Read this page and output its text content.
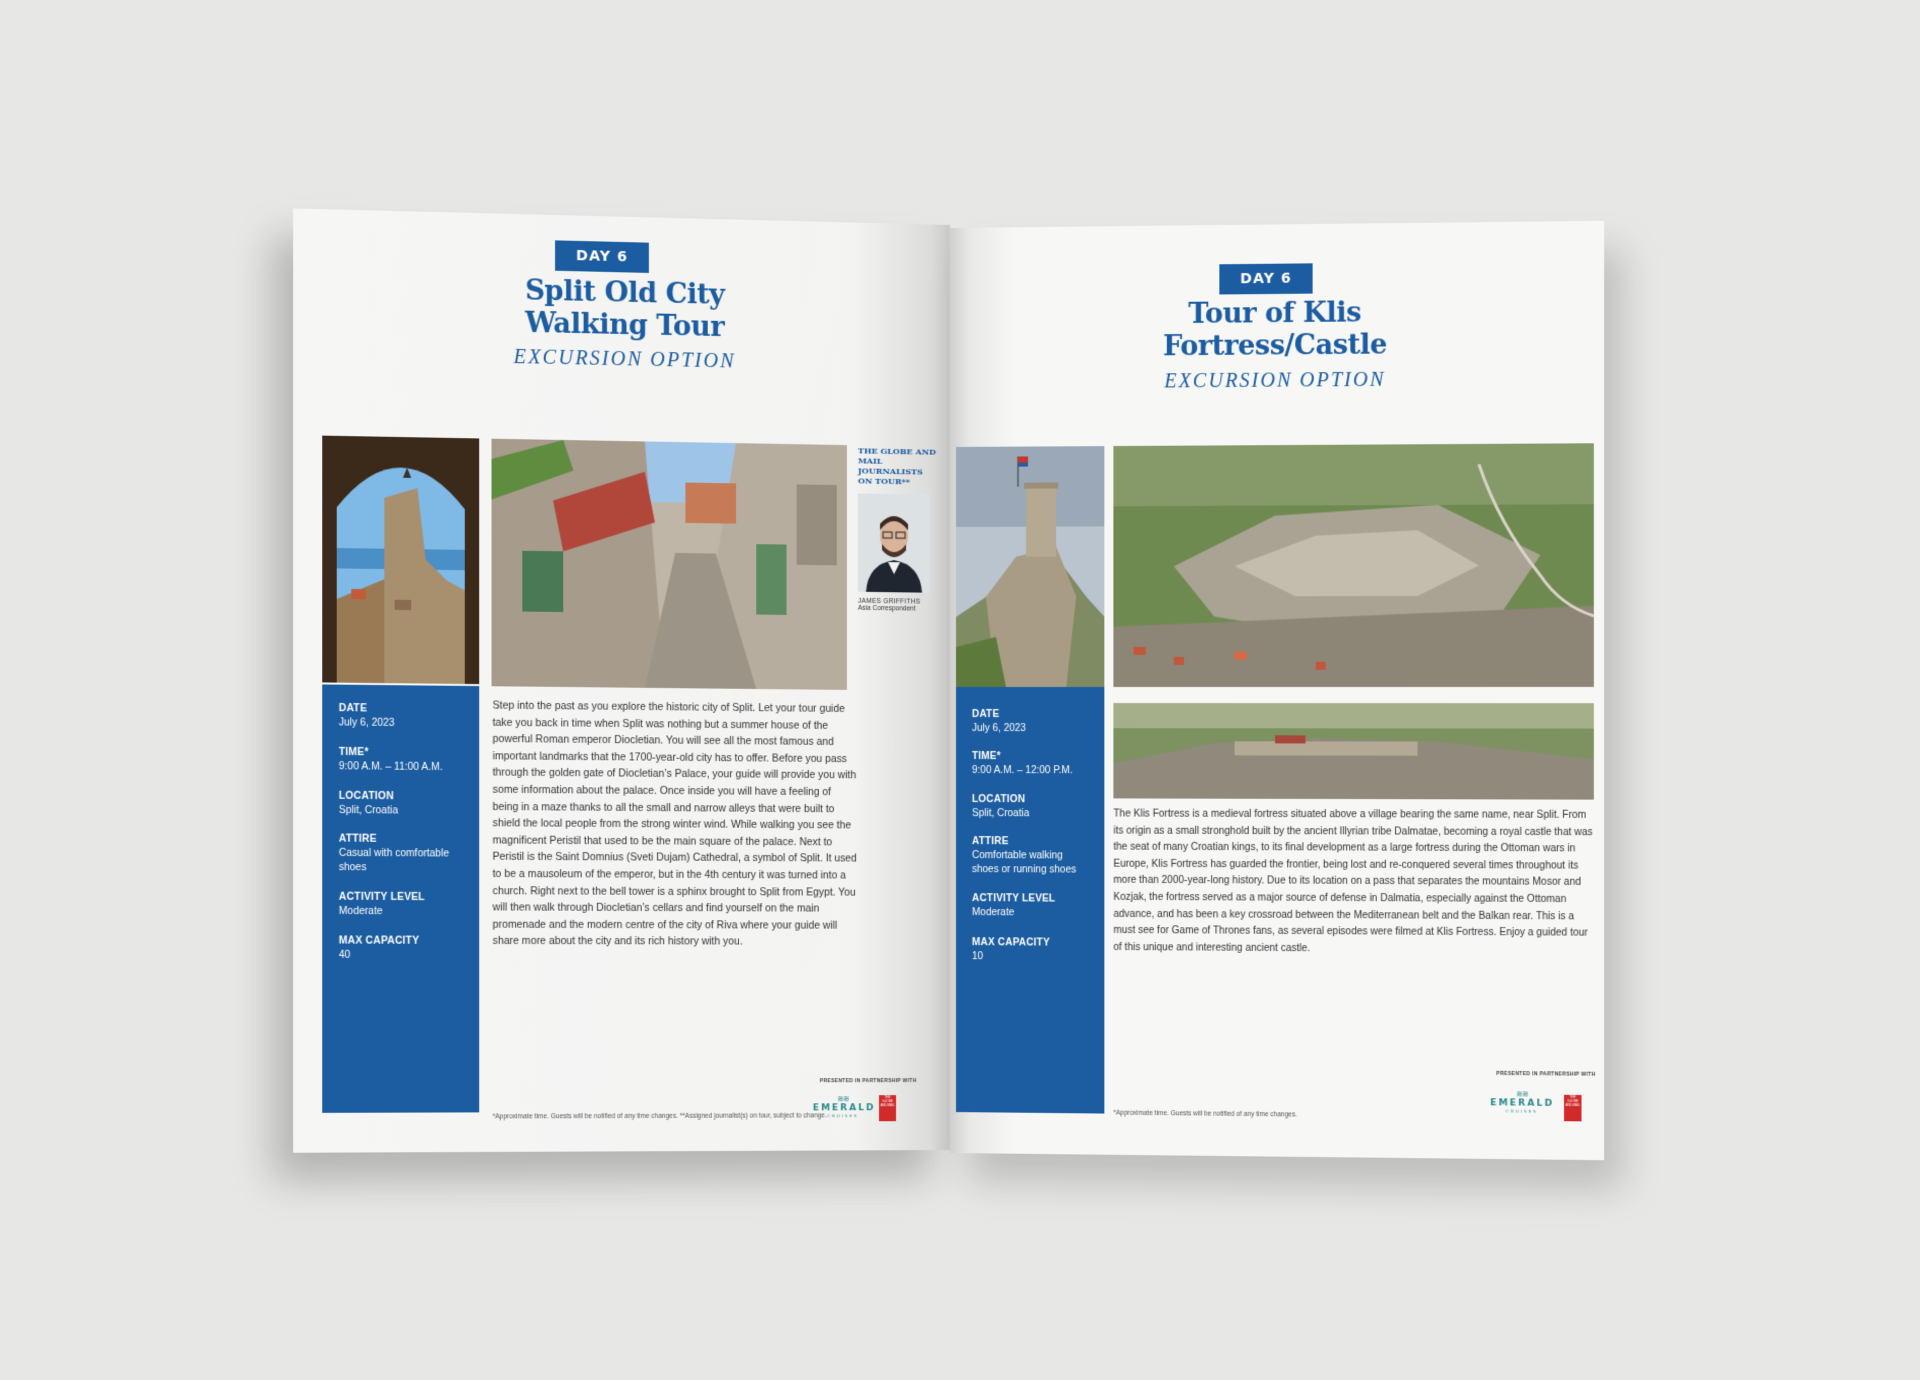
DAY 6
Split Old City
Walking Tour
EXCURSION OPTION
THE GLOBE AND MAIL JOURNALISTS ON TOUR**
JAMES GRIFFITHS
Asia Correspondent
DATE
July 6, 2023
TIME*
9:00 A.M. – 11:00 A.M.
LOCATION
Split, Croatia
ATTIRE
Casual with comfortable shoes
ACTIVITY LEVEL
Moderate
MAX CAPACITY
40
Step into the past as you explore the historic city of Split. Let your tour guide take you back in time when Split was nothing but a summer house of the powerful Roman emperor Diocletian. You will see all the most famous and important landmarks that the 1700-year-old city has to offer. Before you pass through the golden gate of Diocletian’s Palace, your guide will provide you with some information about the palace. Once inside you will have a feeling of being in a maze thanks to all the small and narrow alleys that were built to shield the local people from the strong winter wind. While walking you see the magnificent Peristil that used to be the main square of the palace. Next to Peristil is the Saint Domnius (Sveti Dujam) Cathedral, a symbol of Split. It used to be a mausoleum of the emperor, but in the 4th century it was turned into a church. Right next to the bell tower is a sphinx brought to Split from Egypt. You will then walk through Diocletian’s cellars and find yourself on the main promenade and the modern centre of the city of Riva where your guide will share more about the city and its rich history with you.
PRESENTED IN PARTNERSHIP WITH
≋≋
EMERALD
CRUISES
THE GLOBE AND MAIL
*Approximate time. Guests will be notified of any time changes. **Assigned journalist(s) on tour, subject to change.
DAY 6
Tour of Klis
Fortress/Castle
EXCURSION OPTION
DATE
July 6, 2023
TIME*
9:00 A.M. – 12:00 P.M.
LOCATION
Split, Croatia
ATTIRE
Comfortable walking shoes or running shoes
ACTIVITY LEVEL
Moderate
MAX CAPACITY
10
The Klis Fortress is a medieval fortress situated above a village bearing the same name, near Split. From its origin as a small stronghold built by the ancient Illyrian tribe Dalmatae, becoming a royal castle that was the seat of many Croatian kings, to its final development as a large fortress during the Ottoman wars in Europe, Klis Fortress has guarded the frontier, being lost and re-conquered several times throughout its more than 2000-year-long history. Due to its location on a pass that separates the mountains Mosor and Kozjak, the fortress served as a major source of defense in Dalmatia, especially against the Ottoman advance, and has been a key crossroad between the Mediterranean belt and the Balkan rear. This is a must see for Game of Thrones fans, as several episodes were filmed at Klis Fortress. Enjoy a guided tour of this unique and interesting ancient castle.
PRESENTED IN PARTNERSHIP WITH
≋≋
EMERALD
CRUISES
THE GLOBE AND MAIL
*Approximate time. Guests will be notified of any time changes.
